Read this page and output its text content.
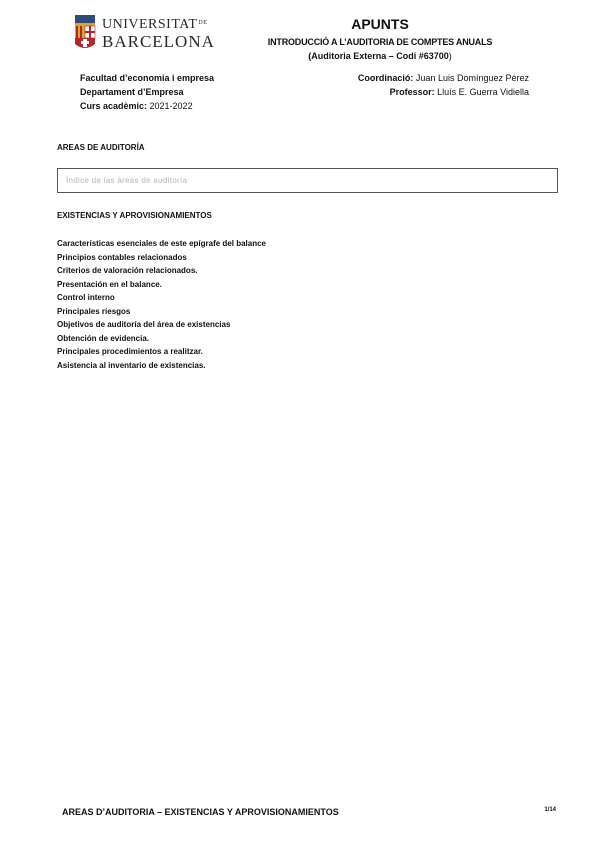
$UNIVERSITAT^{DE}$
BARCELONA
APUNTS
INTRODUCCIÓ A L’AUDITORIA DE COMPTES ANUALS
(Auditoria Externa – Codi #63700)
Facultad d’economia i empresa
Departament d’Empresa
Curs acadèmic: 2021-2022
Coordinació: Juan Luis Domínguez Pérez
Professor: Lluís E. Guerra Vidiella
AREAS DE AUDITORÍA
Índice de las áreas de auditoría
EXISTENCIAS Y APROVISIONAMIENTOS
Características esenciales de este epígrafe del balance
Principios contables relacionados
Criterios de valoración relacionados.
Presentación en el balance.
Control interno
Principales riesgos
Objetivos de auditoría del área de existencias
Obtención de evidencia.
Principales procedimientos a realitzar.
Asistencia al inventario de existencias.
AREAS D’AUDITORIA – EXISTENCIAS Y APROVISIONAMIENTOS	1/14
